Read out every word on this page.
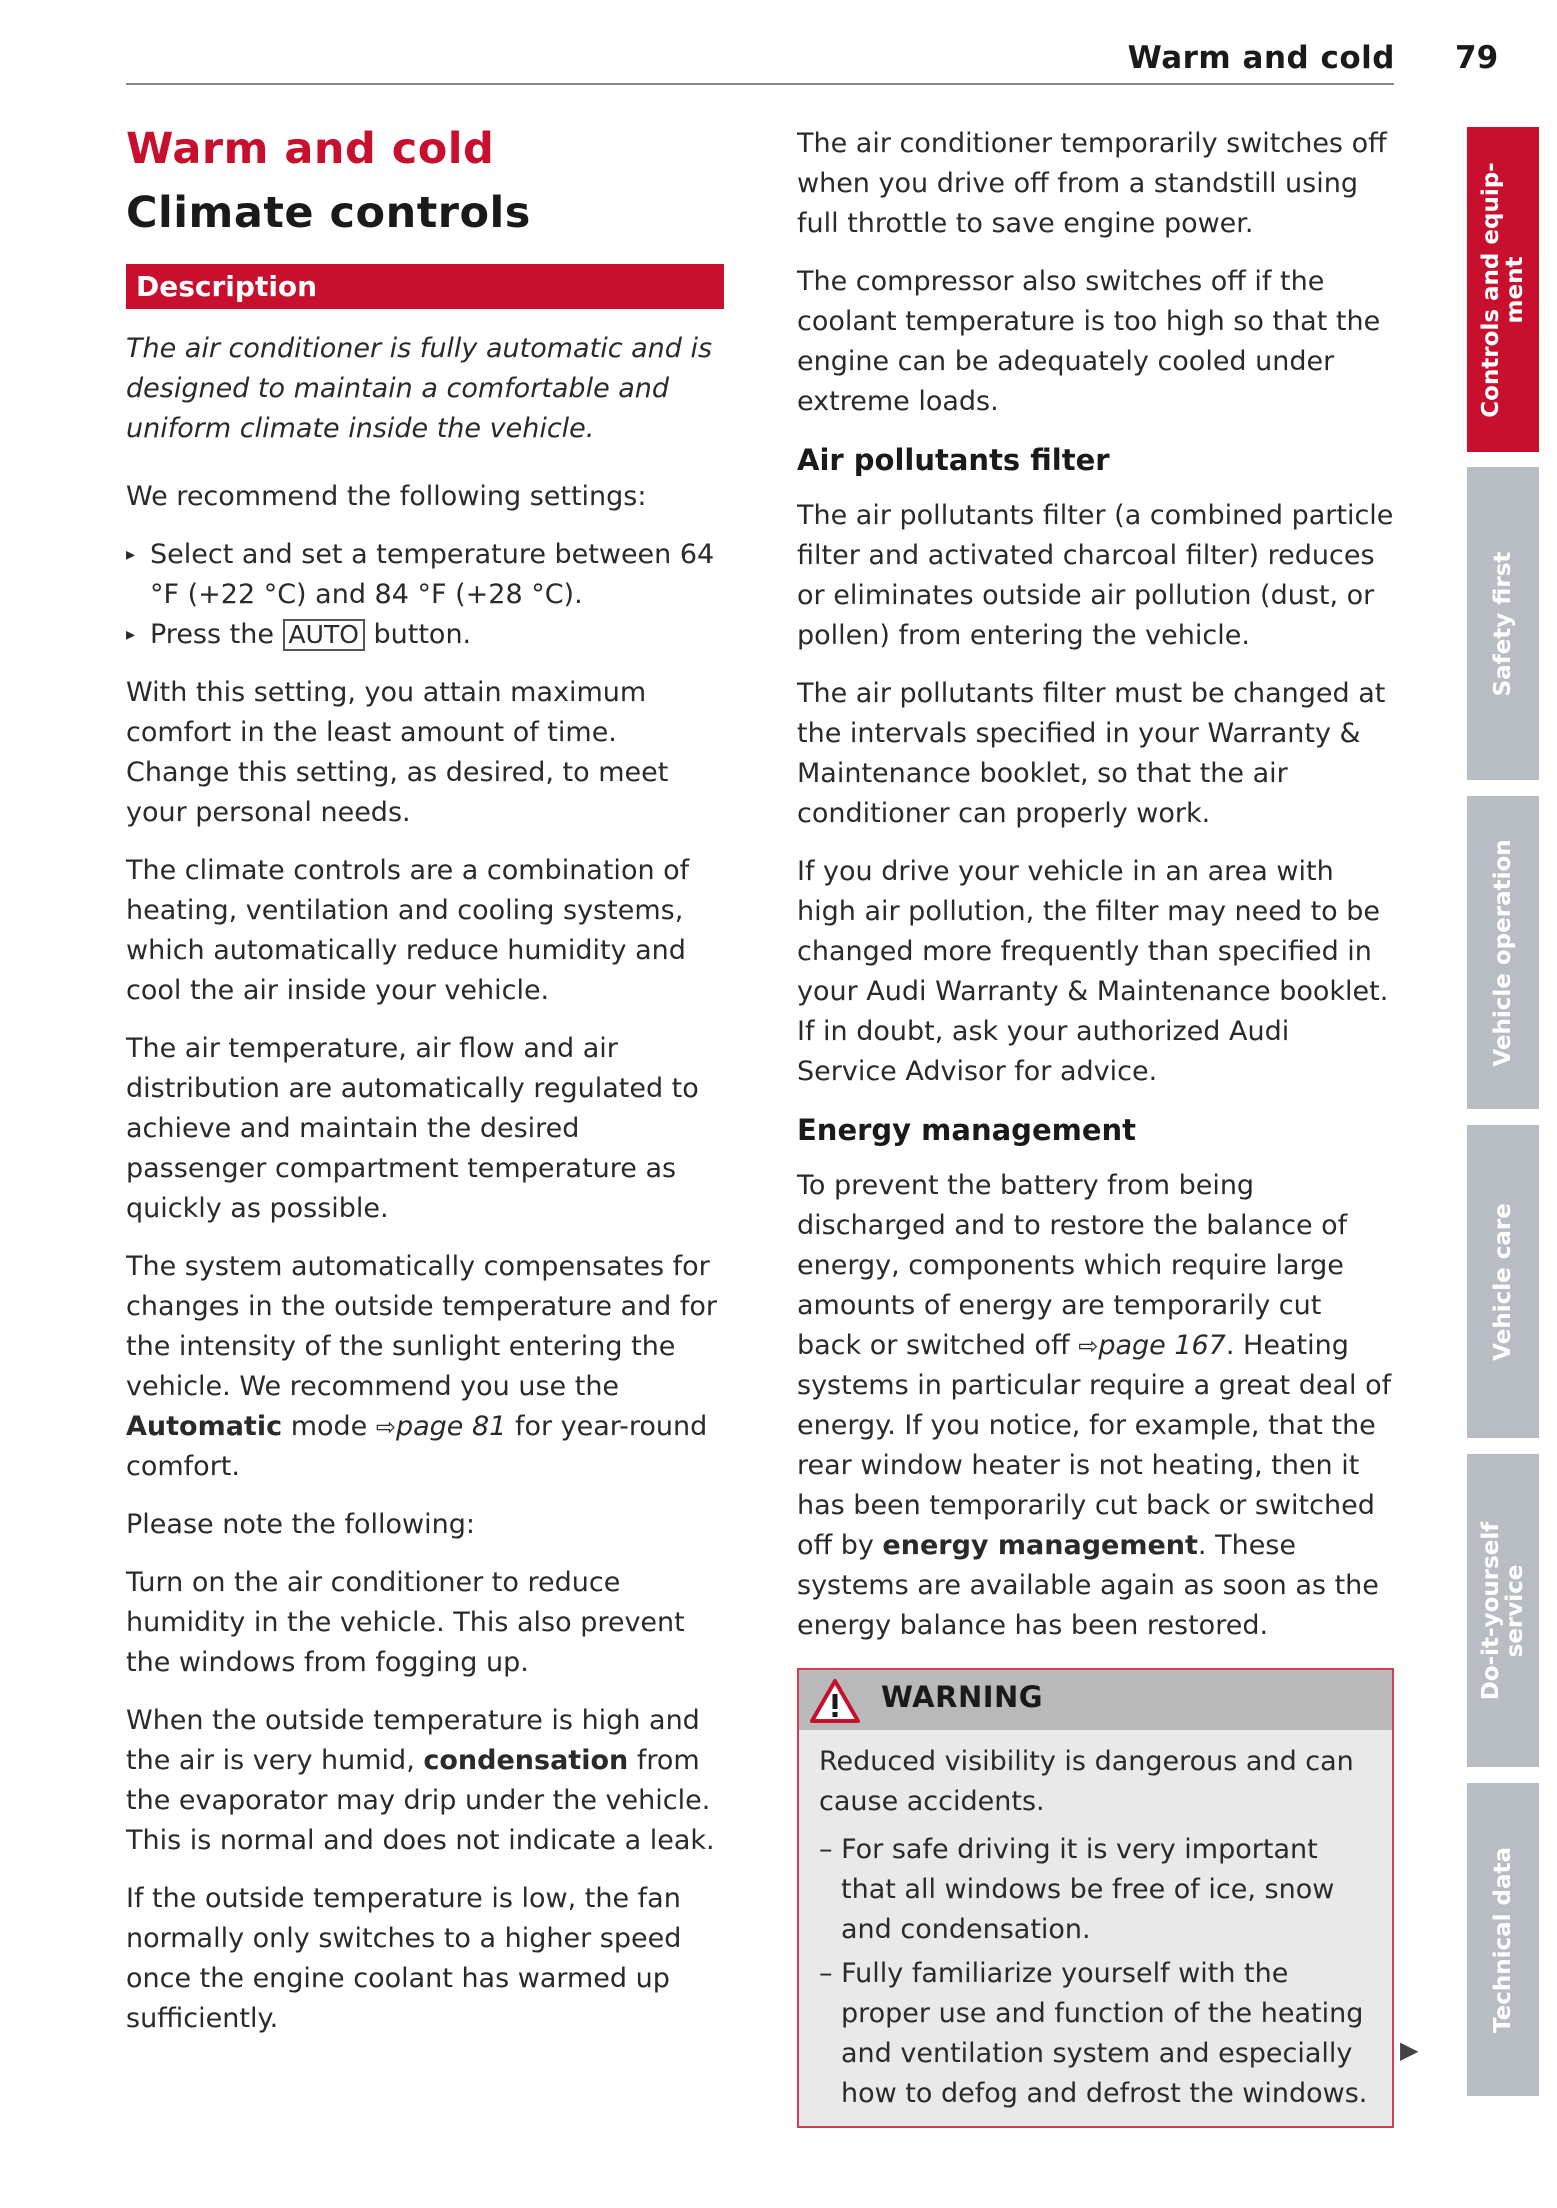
Warm and cold 79
Warm and cold
Climate controls
Description

The air conditioner is fully automatic and is designed to maintain a comfortable and uniform climate inside the vehicle.

We recommend the following settings:

▸ Select and set a temperature between 64 °F (+22 °C) and 84 °F (+28 °C).
▸ Press the AUTO button.

With this setting, you attain maximum comfort in the least amount of time. Change this setting, as desired, to meet your personal needs.

The climate controls are a combination of heating, ventilation and cooling systems, which automatically reduce humidity and cool the air inside your vehicle.

The air temperature, air flow and air distribution are automatically regulated to achieve and maintain the desired passenger compartment temperature as quickly as possible.

The system automatically compensates for changes in the outside temperature and for the intensity of the sunlight entering the vehicle. We recommend you use the Automatic mode ⇨page 81 for year-round comfort.

Please note the following:

Turn on the air conditioner to reduce humidity in the vehicle. This also prevent the windows from fogging up.

When the outside temperature is high and the air is very humid, condensation from the evaporator may drip under the vehicle. This is normal and does not indicate a leak.

If the outside temperature is low, the fan normally only switches to a higher speed once the engine coolant has warmed up sufficiently.

The air conditioner temporarily switches off when you drive off from a standstill using full throttle to save engine power.

The compressor also switches off if the coolant temperature is too high so that the engine can be adequately cooled under extreme loads.

Air pollutants filter

The air pollutants filter (a combined particle filter and activated charcoal filter) reduces or eliminates outside air pollution (dust, or pollen) from entering the vehicle.

The air pollutants filter must be changed at the intervals specified in your Warranty & Maintenance booklet, so that the air conditioner can properly work.

If you drive your vehicle in an area with high air pollution, the filter may need to be changed more frequently than specified in your Audi Warranty & Maintenance booklet. If in doubt, ask your authorized Audi Service Advisor for advice.

Energy management

To prevent the battery from being discharged and to restore the balance of energy, components which require large amounts of energy are temporarily cut back or switched off ⇨page 167. Heating systems in particular require a great deal of energy. If you notice, for example, that the rear window heater is not heating, then it has been temporarily cut back or switched off by energy management. These systems are available again as soon as the energy balance has been restored.

WARNING

Reduced visibility is dangerous and can cause accidents.

– For safe driving it is very important that all windows be free of ice, snow and condensation.
– Fully familiarize yourself with the proper use and function of the heating and ventilation system and especially how to defog and defrost the windows.
▶
Controls and equip-
ment
Safety first
Vehicle operation
Vehicle care
Do-it-yourself
service
Technical data
